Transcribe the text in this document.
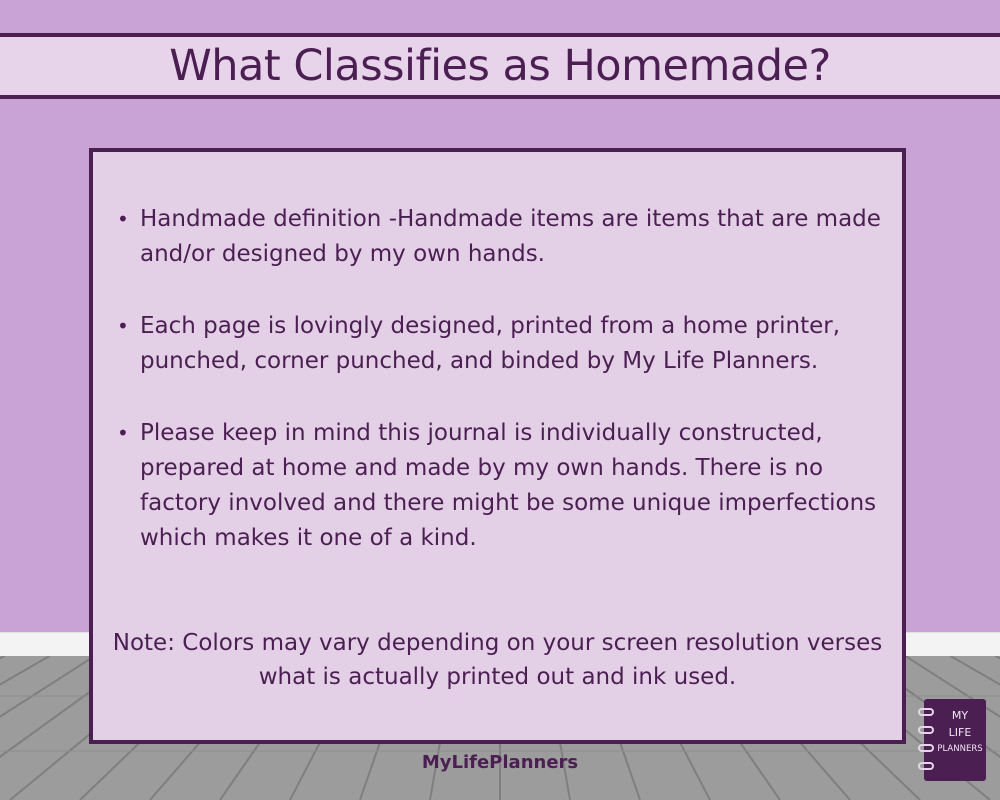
What Classifies as Homemade?
• Handmade definition -Handmade items are items that are made and/or designed by my own hands.
• Each page is lovingly designed, printed from a home printer, punched, corner punched, and binded by My Life Planners.
• Please keep in mind this journal is individually constructed, prepared at home and made by my own hands. There is no factory involved and there might be some unique imperfections which makes it one of a kind.

Note: Colors may vary depending on your screen resolution verses what is actually printed out and ink used.

MyLifePlanners
MY
LIFE
PLANNERS
